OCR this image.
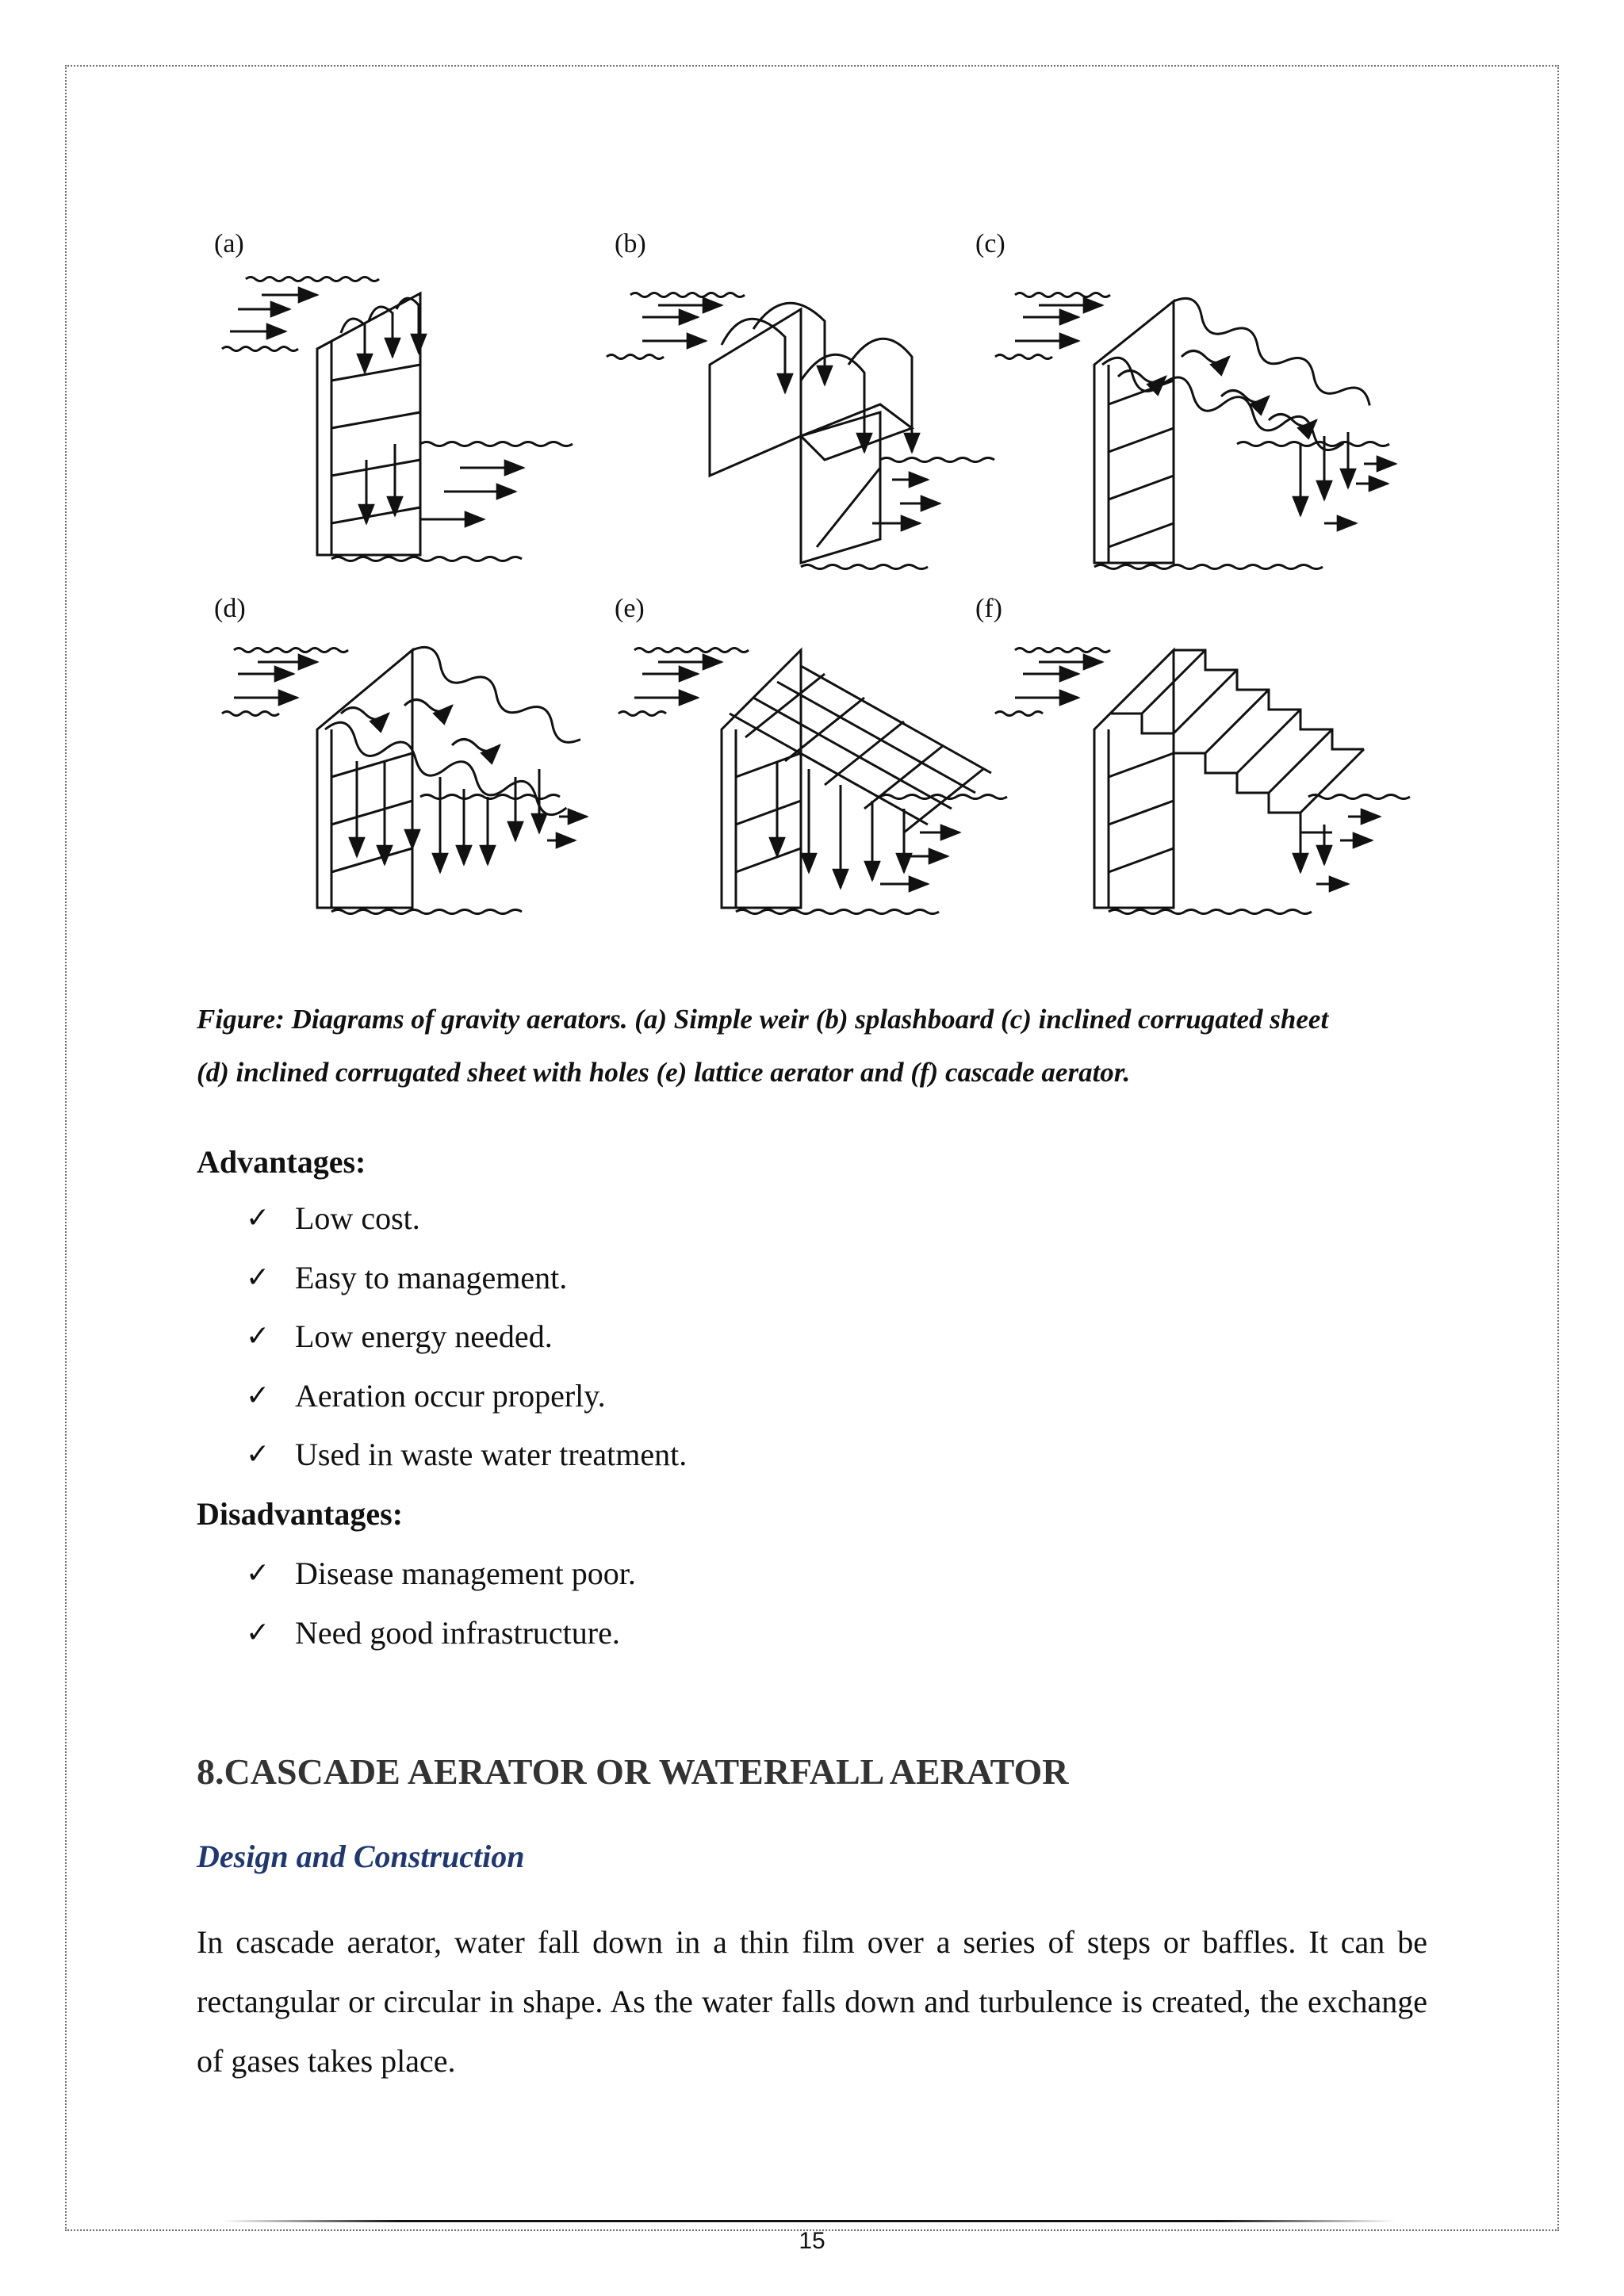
(a)	(b)	(c)
(d)	(e)	(f)
Figure: Diagrams of gravity aerators. (a) Simple weir (b) splashboard (c) inclined corrugated sheet
(d) inclined corrugated sheet with holes (e) lattice aerator and (f) cascade aerator.
Advantages:
✓ Low cost.
✓ Easy to management.
✓ Low energy needed.
✓ Aeration occur properly.
✓ Used in waste water treatment.
Disadvantages:
✓ Disease management poor.
✓ Need good infrastructure.
8.CASCADE AERATOR OR WATERFALL AERATOR
Design and Construction
In cascade aerator, water fall down in a thin film over a series of steps or baffles. It can be rectangular or circular in shape. As the water falls down and turbulence is created, the exchange of gases takes place.
15
